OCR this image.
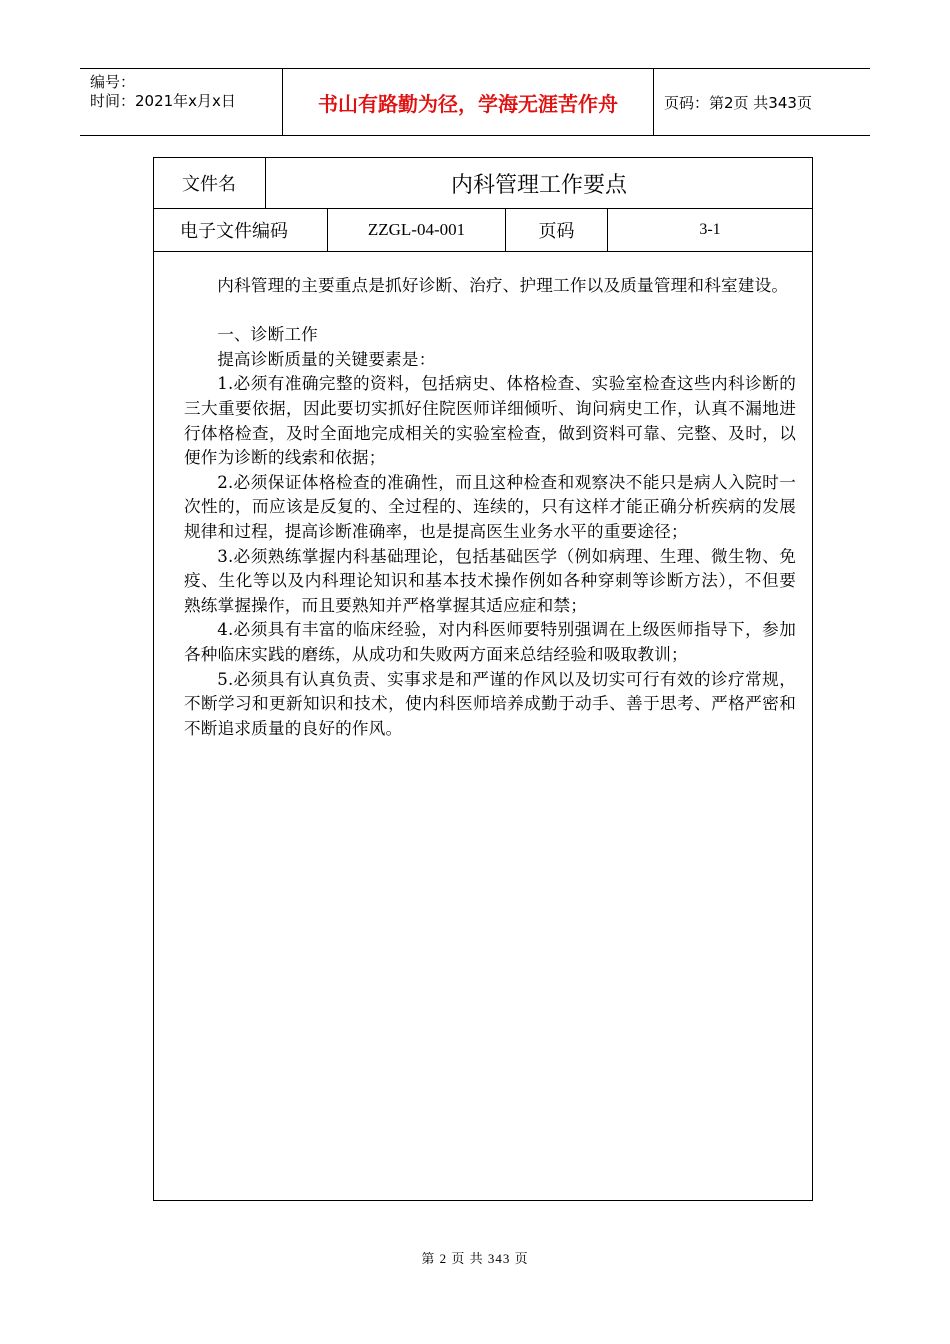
编号：
时间：2021年x月x日	书山有路勤为径，学海无涯苦作舟	页码：第2页 共343页
文件名	内科管理工作要点
电子文件编码	ZZGL-04-001	页码	3-1

内科管理的主要重点是抓好诊断、治疗、护理工作以及质量管理和科室建设。

一、诊断工作

提高诊断质量的关键要素是：

1.必须有准确完整的资料，包括病史、体格检查、实验室检查这些内科诊断的三大重要依据，因此要切实抓好住院医师详细倾听、询问病史工作，认真不漏地进行体格检查，及时全面地完成相关的实验室检查，做到资料可靠、完整、及时，以便作为诊断的线索和依据；

2.必须保证体格检查的准确性，而且这种检查和观察决不能只是病人入院时一次性的，而应该是反复的、全过程的、连续的，只有这样才能正确分析疾病的发展规律和过程，提高诊断准确率，也是提高医生业务水平的重要途径；

3.必须熟练掌握内科基础理论，包括基础医学（例如病理、生理、微生物、免疫、生化等以及内科理论知识和基本技术操作例如各种穿刺等诊断方法），不但要熟练掌握操作，而且要熟知并严格掌握其适应症和禁；

4.必须具有丰富的临床经验，对内科医师要特别强调在上级医师指导下，参加各种临床实践的磨练，从成功和失败两方面来总结经验和吸取教训；

5.必须具有认真负责、实事求是和严谨的作风以及切实可行有效的诊疗常规，不断学习和更新知识和技术，使内科医师培养成勤于动手、善于思考、严格严密和不断追求质量的良好的作风。

第 2 页 共 343 页
